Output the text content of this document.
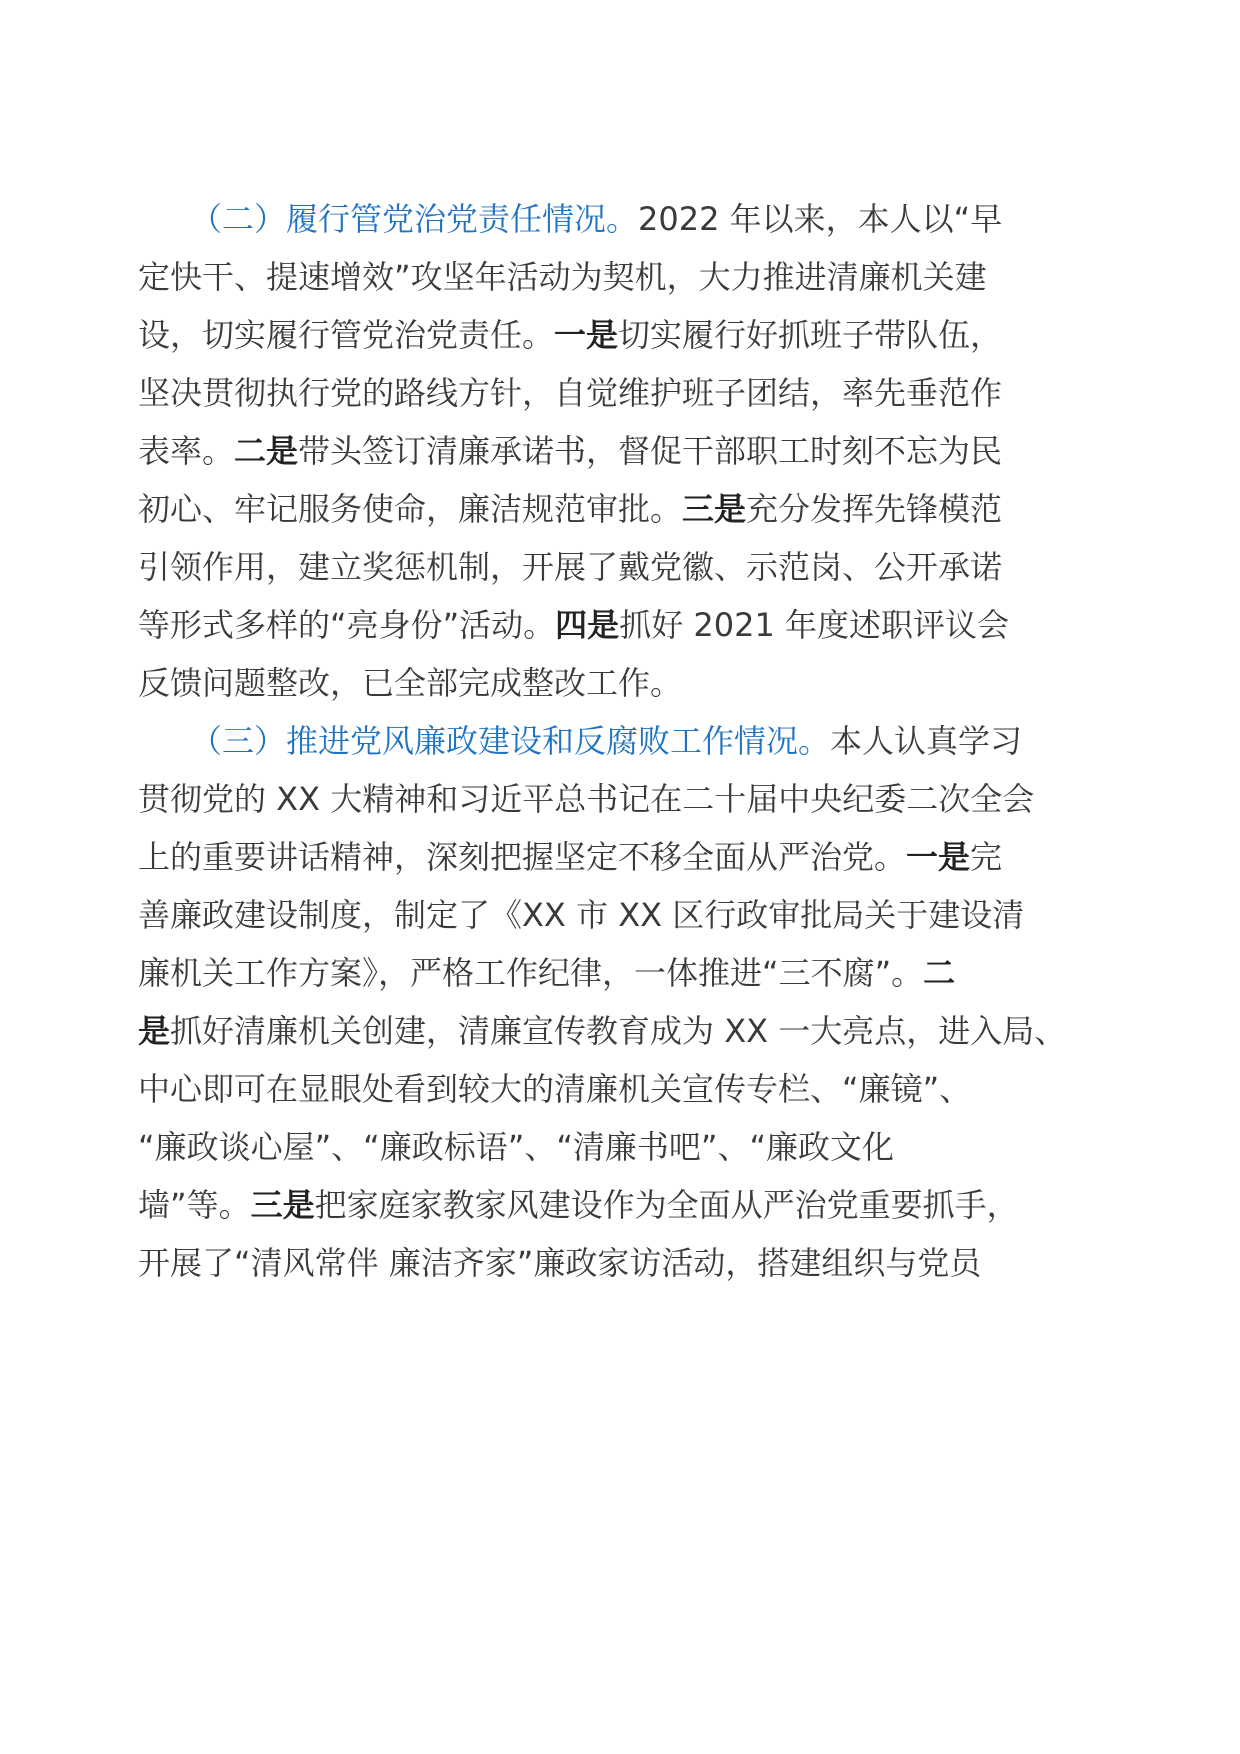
（二）履行管党治党责任情况。2022 年以来，本人以“早
定快干、提速增效”攻坚年活动为契机，大力推进清廉机关建
设，切实履行管党治党责任。一是切实履行好抓班子带队伍，
坚决贯彻执行党的路线方针，自觉维护班子团结，率先垂范作
表率。二是带头签订清廉承诺书，督促干部职工时刻不忘为民
初心、牢记服务使命，廉洁规范审批。三是充分发挥先锋模范
引领作用，建立奖惩机制，开展了戴党徽、示范岗、公开承诺
等形式多样的“亮身份”活动。四是抓好 2021 年度述职评议会
反馈问题整改，已全部完成整改工作。
（三）推进党风廉政建设和反腐败工作情况。本人认真学习
贯彻党的 XX 大精神和习近平总书记在二十届中央纪委二次全会
上的重要讲话精神，深刻把握坚定不移全面从严治党。一是完
善廉政建设制度，制定了《XX 市 XX 区行政审批局关于建设清
廉机关工作方案》，严格工作纪律，一体推进“三不腐”。二
是抓好清廉机关创建，清廉宣传教育成为 XX 一大亮点，进入局、
中心即可在显眼处看到较大的清廉机关宣传专栏、“廉镜”、
“廉政谈心屋”、“廉政标语”、“清廉书吧”、“廉政文化
墙”等。三是把家庭家教家风建设作为全面从严治党重要抓手，
开展了“清风常伴 廉洁齐家”廉政家访活动，搭建组织与党员
